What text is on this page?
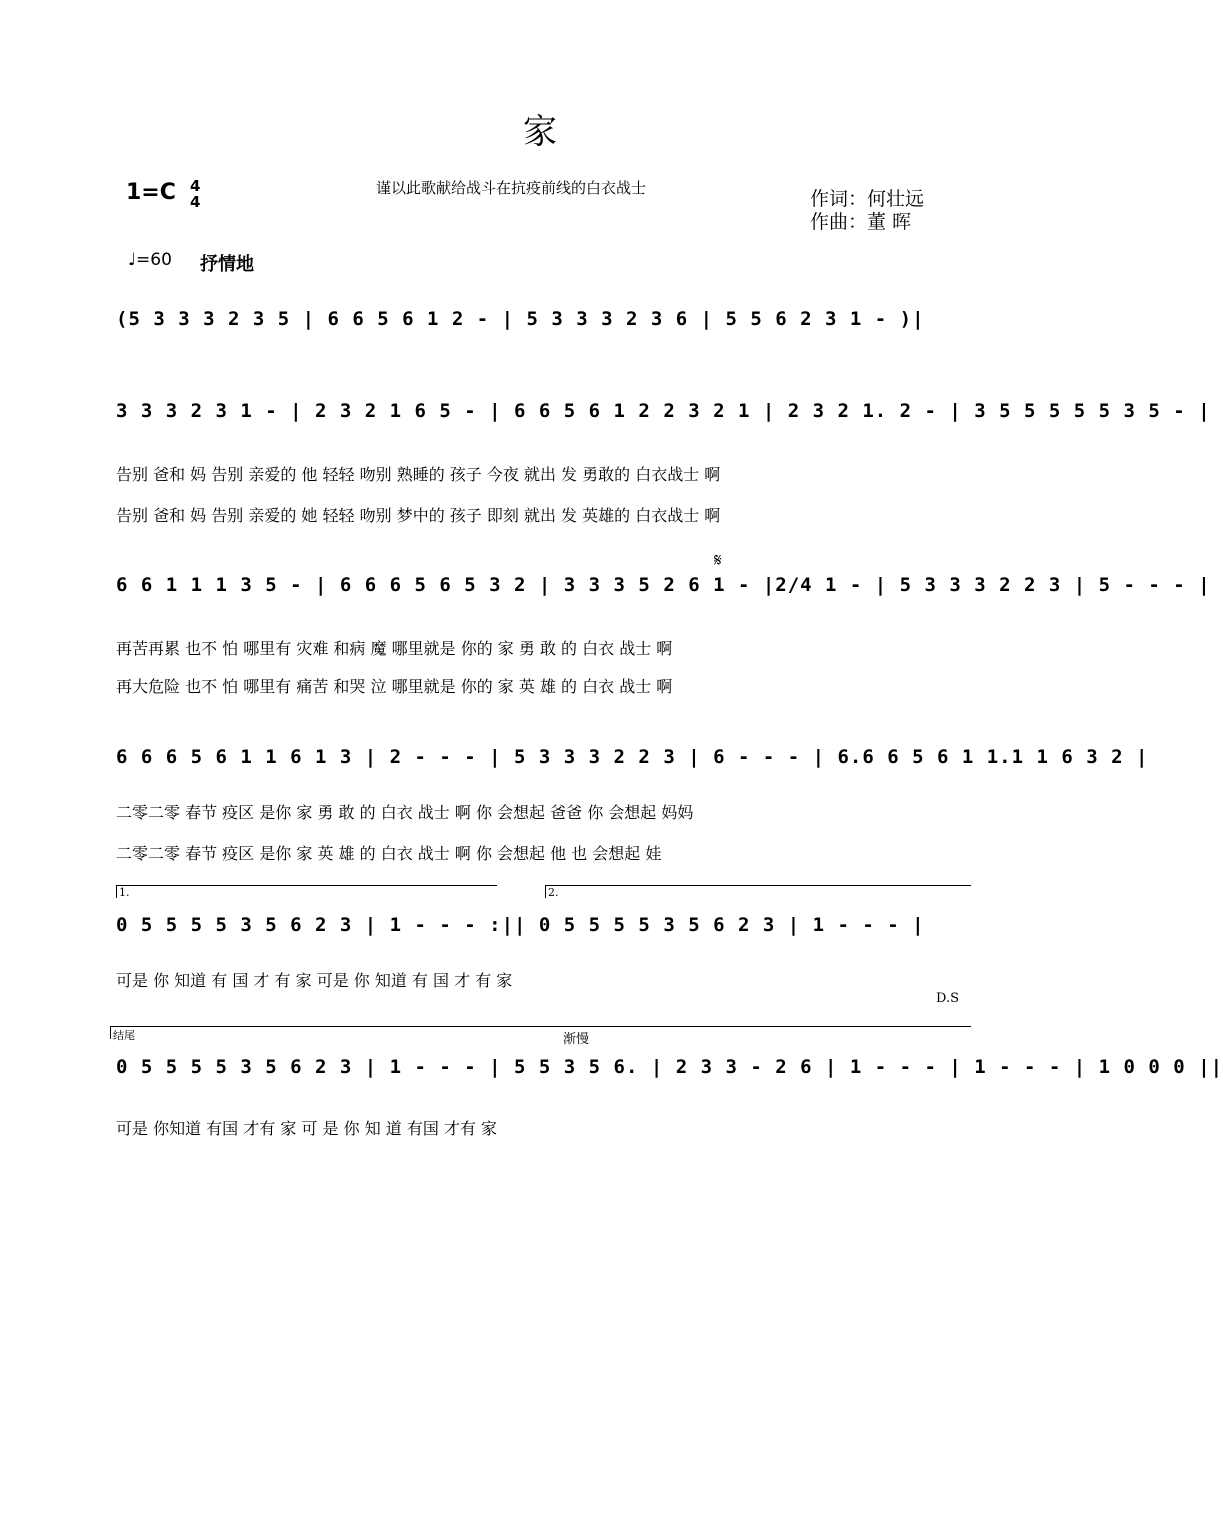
家
1=C 4
4
谨以此歌献给战斗在抗疫前线的白衣战士	作词：何壮远
作曲：董 晖
♩=60 抒情地
(5 3 3 3 2 3 5 | 6 6 5 6 1 2 - | 5 3 3 3 2 3 6 | 5 5 6 2 3 1 - )|
3 3 3 2 3 1 - | 2 3 2 1 6 5 - | 6 6 5 6 1 2 2 3 2 1 | 2 3 2 1. 2 - | 3 5 5 5 5 5 3 5 - |
告别 爸和 妈 告别 亲爱的 他 轻轻 吻别 熟睡的 孩子 今夜 就出 发 勇敢的 白衣战士 啊
告别 爸和 妈 告别 亲爱的 她 轻轻 吻别 梦中的 孩子 即刻 就出 发 英雄的 白衣战士 啊
𝄋
6 6 1 1 1 3 5 - | 6 6 6 5 6 5 3 2 | 3 3 3 5 2 6 1 - |2/4 1 - | 5 3 3 3 2 2 3 | 5 - - - |
再苦再累 也不 怕 哪里有 灾难 和病 魔 哪里就是 你的 家 勇 敢 的 白衣 战士 啊
再大危险 也不 怕 哪里有 痛苦 和哭 泣 哪里就是 你的 家 英 雄 的 白衣 战士 啊
6 6 6 5 6 1 1 6 1 3 | 2 - - - | 5 3 3 3 2 2 3 | 6 - - - | 6.6 6 5 6 1 1.1 1 6 3 2 |
二零二零 春节 疫区 是你 家 勇 敢 的 白衣 战士 啊 你 会想起 爸爸 你 会想起 妈妈
二零二零 春节 疫区 是你 家 英 雄 的 白衣 战士 啊 你 会想起 他 也 会想起 娃
1.	2.
0 5 5 5 5 3 5 6 2 3 | 1 - - - :|| 0 5 5 5 5 3 5 6 2 3 | 1 - - - |
可是 你 知道 有 国 才 有 家 可是 你 知道 有 国 才 有 家
D.S
结尾	渐慢
0 5 5 5 5 3 5 6 2 3 | 1 - - - | 5 5 3 5 6. | 2 3 3 - 2 6 | 1 - - - | 1 - - - | 1 0 0 0 ||
可是 你知道 有国 才有 家 可 是 你 知 道 有国 才有 家
